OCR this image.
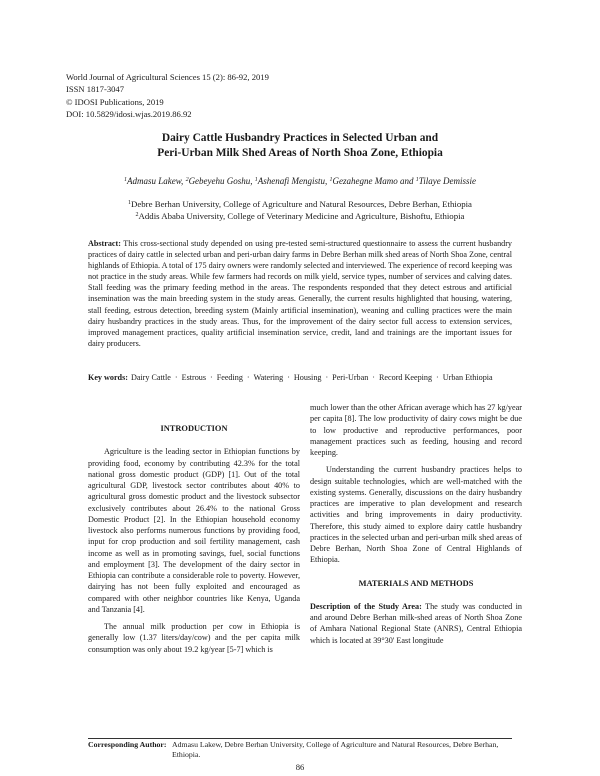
World Journal of Agricultural Sciences 15 (2): 86-92, 2019
ISSN 1817-3047
© IDOSI Publications, 2019
DOI: 10.5829/idosi.wjas.2019.86.92
Dairy Cattle Husbandry Practices in Selected Urban and
Peri-Urban Milk Shed Areas of North Shoa Zone, Ethiopia
$^1$Admasu Lakew, $^2$Gebeyehu Goshu, $^1$Ashenafi Mengistu, $^1$Gezahegne Mamo and $^1$Tilaye Demissie
$^1$Debre Berhan University, College of Agriculture and Natural Resources, Debre Berhan, Ethiopia
$^2$Addis Ababa University, College of Veterinary Medicine and Agriculture, Bishoftu, Ethiopia
Abstract: This cross-sectional study depended on using pre-tested semi-structured questionnaire to assess the current husbandry practices of dairy cattle in selected urban and peri-urban dairy farms in Debre Berhan milk shed areas of North Shoa Zone, central highlands of Ethiopia. A total of 175 dairy owners were randomly selected and interviewed. The experience of record keeping was not practice in the study areas. While few farmers had records on milk yield, service types, number of services and calving dates. Stall feeding was the primary feeding method in the areas. The respondents responded that they detect estrous and artificial insemination was the main breeding system in the study areas. Generally, the current results highlighted that housing, watering, stall feeding, estrous detection, breeding system (Mainly artificial insemination), weaning and culling practices were the main dairy husbandry practices in the study areas. Thus, for the improvement of the dairy sector full access to extension services, improved management practices, quality artificial insemination service, credit, land and trainings are the important issues for dairy producers.
Key words: Dairy Cattle · Estrous · Feeding · Watering · Housing · Peri-Urban · Record Keeping · Urban Ethiopia
INTRODUCTION

Agriculture is the leading sector in Ethiopian functions by providing food, economy by contributing 42.3% for the total national gross domestic product (GDP) [1]. Out of the total agricultural GDP, livestock sector contributes about 40% to agricultural gross domestic product and the livestock subsector exclusively contributes about 26.4% to the national Gross Domestic Product [2]. In the Ethiopian household economy livestock also performs numerous functions by providing food, input for crop production and soil fertility management, cash income as well as in promoting savings, fuel, social functions and employment [3]. The development of the dairy sector in Ethiopia can contribute a considerable role to poverty. However, dairying has not been fully exploited and encouraged as compared with other neighbor countries like Kenya, Uganda and Tanzania [4].

The annual milk production per cow in Ethiopia is generally low (1.37 liters/day/cow) and the per capita milk consumption was only about 19.2 kg/year [5-7] which is

much lower than the other African average which has 27 kg/year per capita [8]. The low productivity of dairy cows might be due to low productive and reproductive performances, poor management practices such as feeding, housing and record keeping.

Understanding the current husbandry practices helps to design suitable technologies, which are well-matched with the existing systems. Generally, discussions on the dairy husbandry practices are imperative to plan development and research activities and bring improvements in dairy productivity. Therefore, this study aimed to explore dairy cattle husbandry practices in the selected urban and peri-urban milk shed areas of Debre Berhan, North Shoa Zone of Central Highlands of Ethiopia.

MATERIALS AND METHODS

Description of the Study Area: The study was conducted in and around Debre Berhan milk-shed areas of North Shoa Zone of Amhara National Regional State (ANRS), Central Ethiopia which is located at 39°30' East longitude

Corresponding Author: Admasu Lakew, Debre Berhan University, College of Agriculture and Natural Resources, Debre Berhan, Ethiopia.
86
